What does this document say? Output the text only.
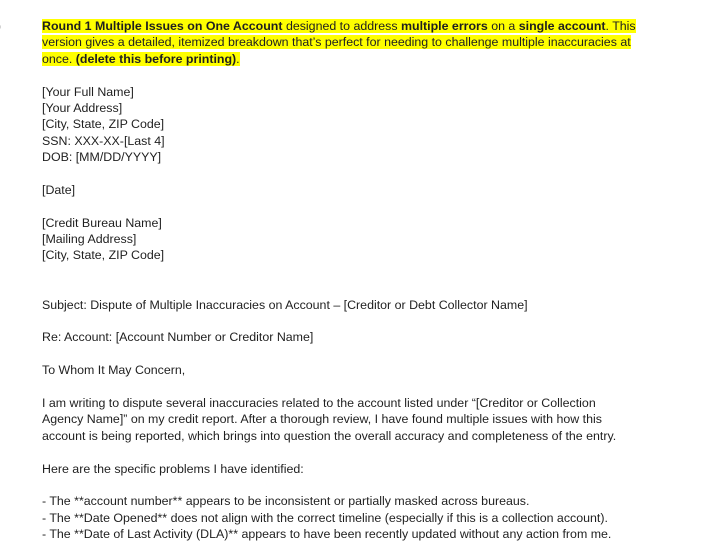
Round 1 Multiple Issues on One Account designed to address multiple errors on a single account. This
version gives a detailed, itemized breakdown that’s perfect for needing to challenge multiple inaccuracies at
once. (delete this before printing).
[Your Full Name]
[Your Address]
[City, State, ZIP Code]
SSN: XXX-XX-[Last 4]
DOB: [MM/DD/YYYY]
[Date]
[Credit Bureau Name]
[Mailing Address]
[City, State, ZIP Code]
Subject: Dispute of Multiple Inaccuracies on Account – [Creditor or Debt Collector Name]
Re: Account: [Account Number or Creditor Name]
To Whom It May Concern,
I am writing to dispute several inaccuracies related to the account listed under “[Creditor or Collection
Agency Name]” on my credit report. After a thorough review, I have found multiple issues with how this
account is being reported, which brings into question the overall accuracy and completeness of the entry.
Here are the specific problems I have identified:
- The **account number** appears to be inconsistent or partially masked across bureaus.
- The **Date Opened** does not align with the correct timeline (especially if this is a collection account).
- The **Date of Last Activity (DLA)** appears to have been recently updated without any action from me.
